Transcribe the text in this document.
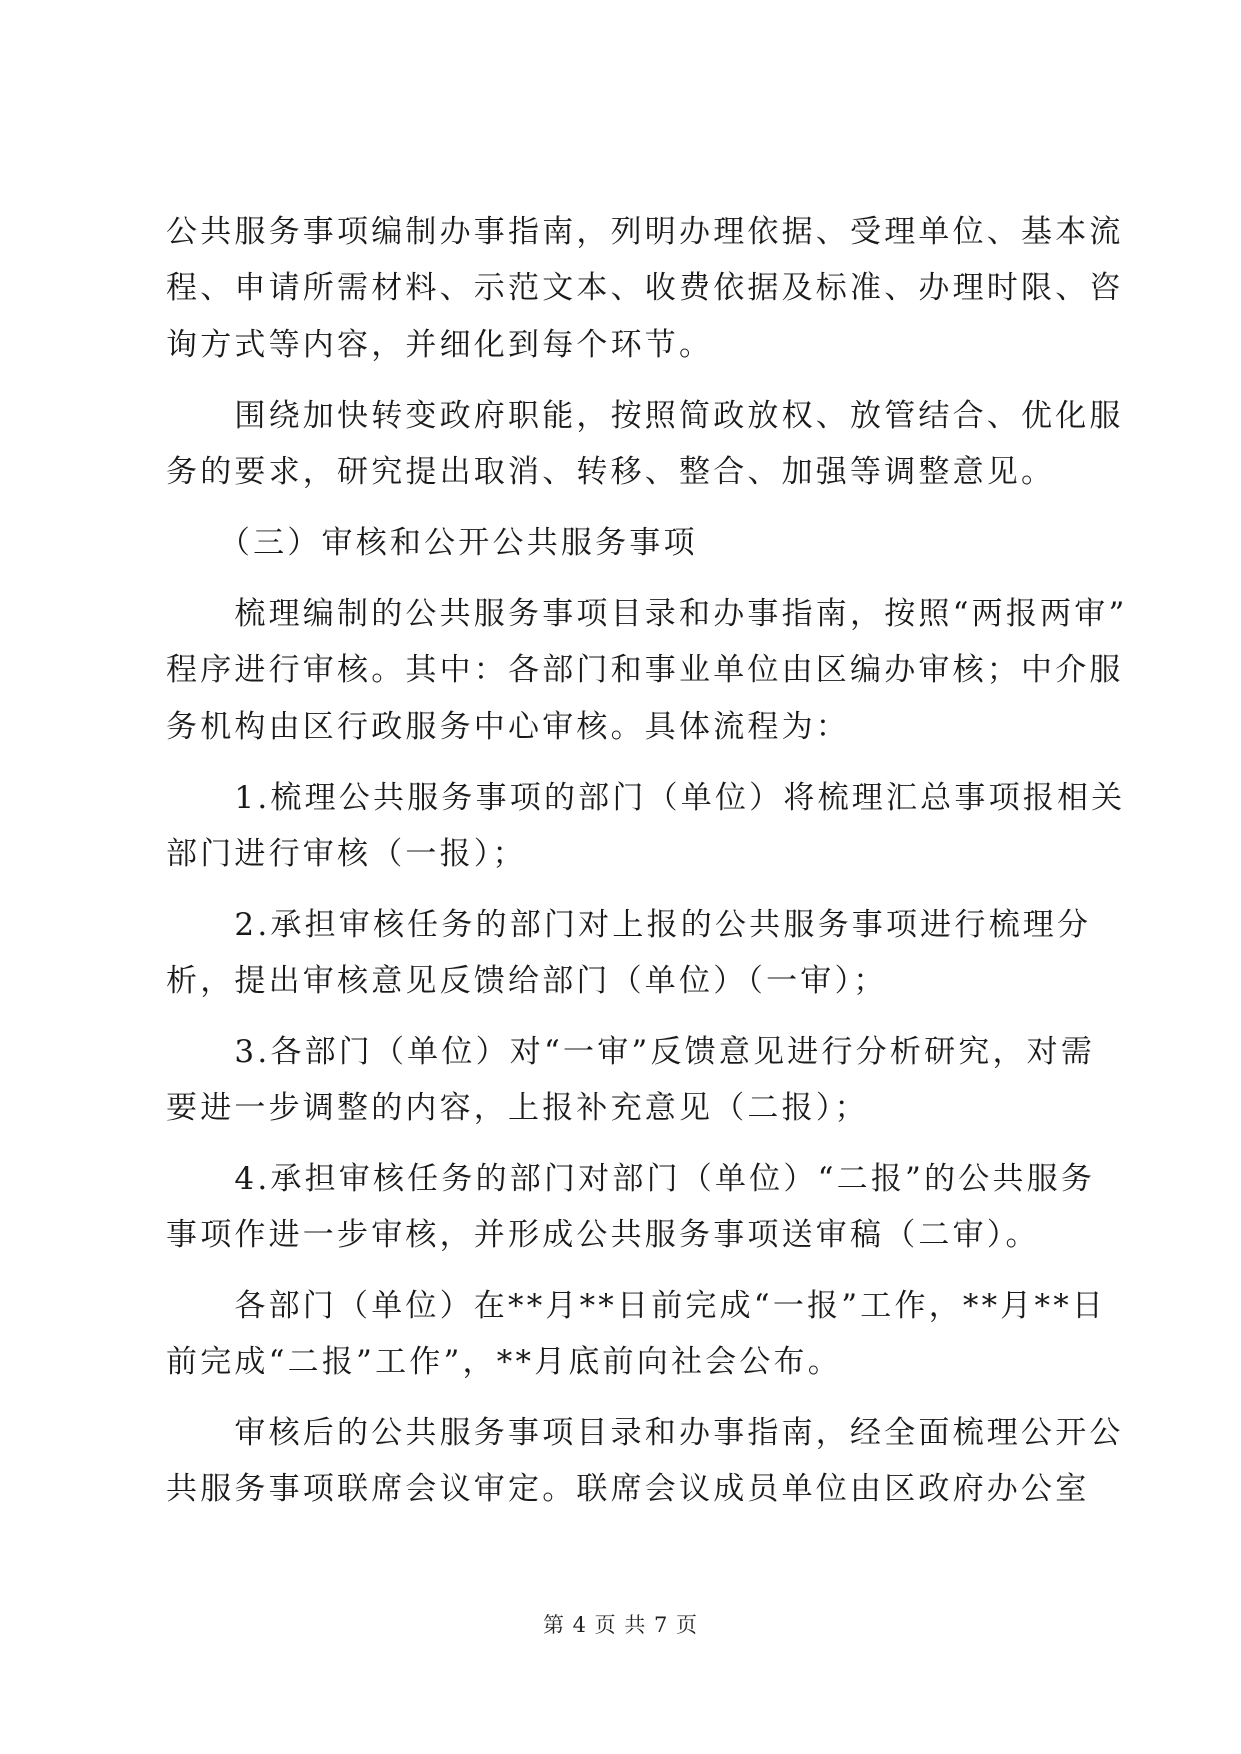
公共服务事项编制办事指南，列明办理依据、受理单位、基本流
程、申请所需材料、示范文本、收费依据及标准、办理时限、咨
询方式等内容，并细化到每个环节。
　　围绕加快转变政府职能，按照简政放权、放管结合、优化服
务的要求，研究提出取消、转移、整合、加强等调整意见。
　　（三）审核和公开公共服务事项
　　梳理编制的公共服务事项目录和办事指南，按照“两报两审”
程序进行审核。其中：各部门和事业单位由区编办审核；中介服
务机构由区行政服务中心审核。具体流程为：
　　1.梳理公共服务事项的部门（单位）将梳理汇总事项报相关
部门进行审核（一报）；
　　2.承担审核任务的部门对上报的公共服务事项进行梳理分
析，提出审核意见反馈给部门（单位）（一审）；
　　3.各部门（单位）对“一审”反馈意见进行分析研究，对需
要进一步调整的内容，上报补充意见（二报）；
　　4.承担审核任务的部门对部门（单位）“二报”的公共服务
事项作进一步审核，并形成公共服务事项送审稿（二审）。
　　各部门（单位）在**月**日前完成“一报”工作，**月**日
前完成“二报”工作”，**月底前向社会公布。
　　审核后的公共服务事项目录和办事指南，经全面梳理公开公
共服务事项联席会议审定。联席会议成员单位由区政府办公室
第 4 页 共 7 页
